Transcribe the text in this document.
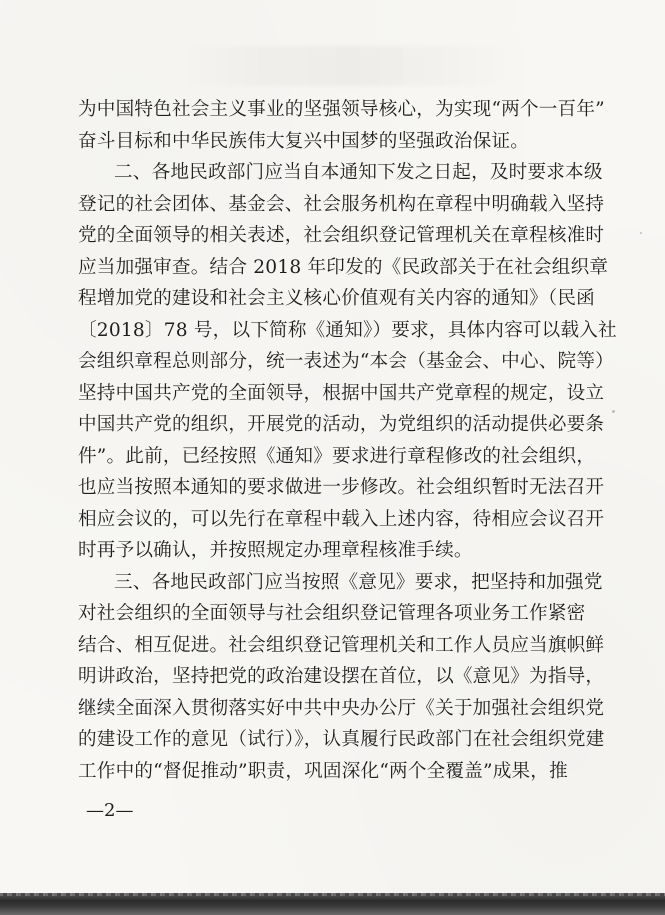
为中国特色社会主义事业的坚强领导核心，为实现“两个一百年”
奋斗目标和中华民族伟大复兴中国梦的坚强政治保证。
二、各地民政部门应当自本通知下发之日起，及时要求本级
登记的社会团体、基金会、社会服务机构在章程中明确载入坚持
党的全面领导的相关表述，社会组织登记管理机关在章程核准时
应当加强审查。结合 2018 年印发的《民政部关于在社会组织章
程增加党的建设和社会主义核心价值观有关内容的通知》（民函
〔2018〕78 号，以下简称《通知》）要求，具体内容可以载入社
会组织章程总则部分，统一表述为“本会（基金会、中心、院等）
坚持中国共产党的全面领导，根据中国共产党章程的规定，设立
中国共产党的组织，开展党的活动，为党组织的活动提供必要条
件”。此前，已经按照《通知》要求进行章程修改的社会组织，
也应当按照本通知的要求做进一步修改。社会组织暂时无法召开
相应会议的，可以先行在章程中载入上述内容，待相应会议召开
时再予以确认，并按照规定办理章程核准手续。
三、各地民政部门应当按照《意见》要求，把坚持和加强党
对社会组织的全面领导与社会组织登记管理各项业务工作紧密
结合、相互促进。社会组织登记管理机关和工作人员应当旗帜鲜
明讲政治，坚持把党的政治建设摆在首位，以《意见》为指导，
继续全面深入贯彻落实好中共中央办公厅《关于加强社会组织党
的建设工作的意见（试行）》，认真履行民政部门在社会组织党建
工作中的“督促推动”职责，巩固深化“两个全覆盖”成果，推
—2—
